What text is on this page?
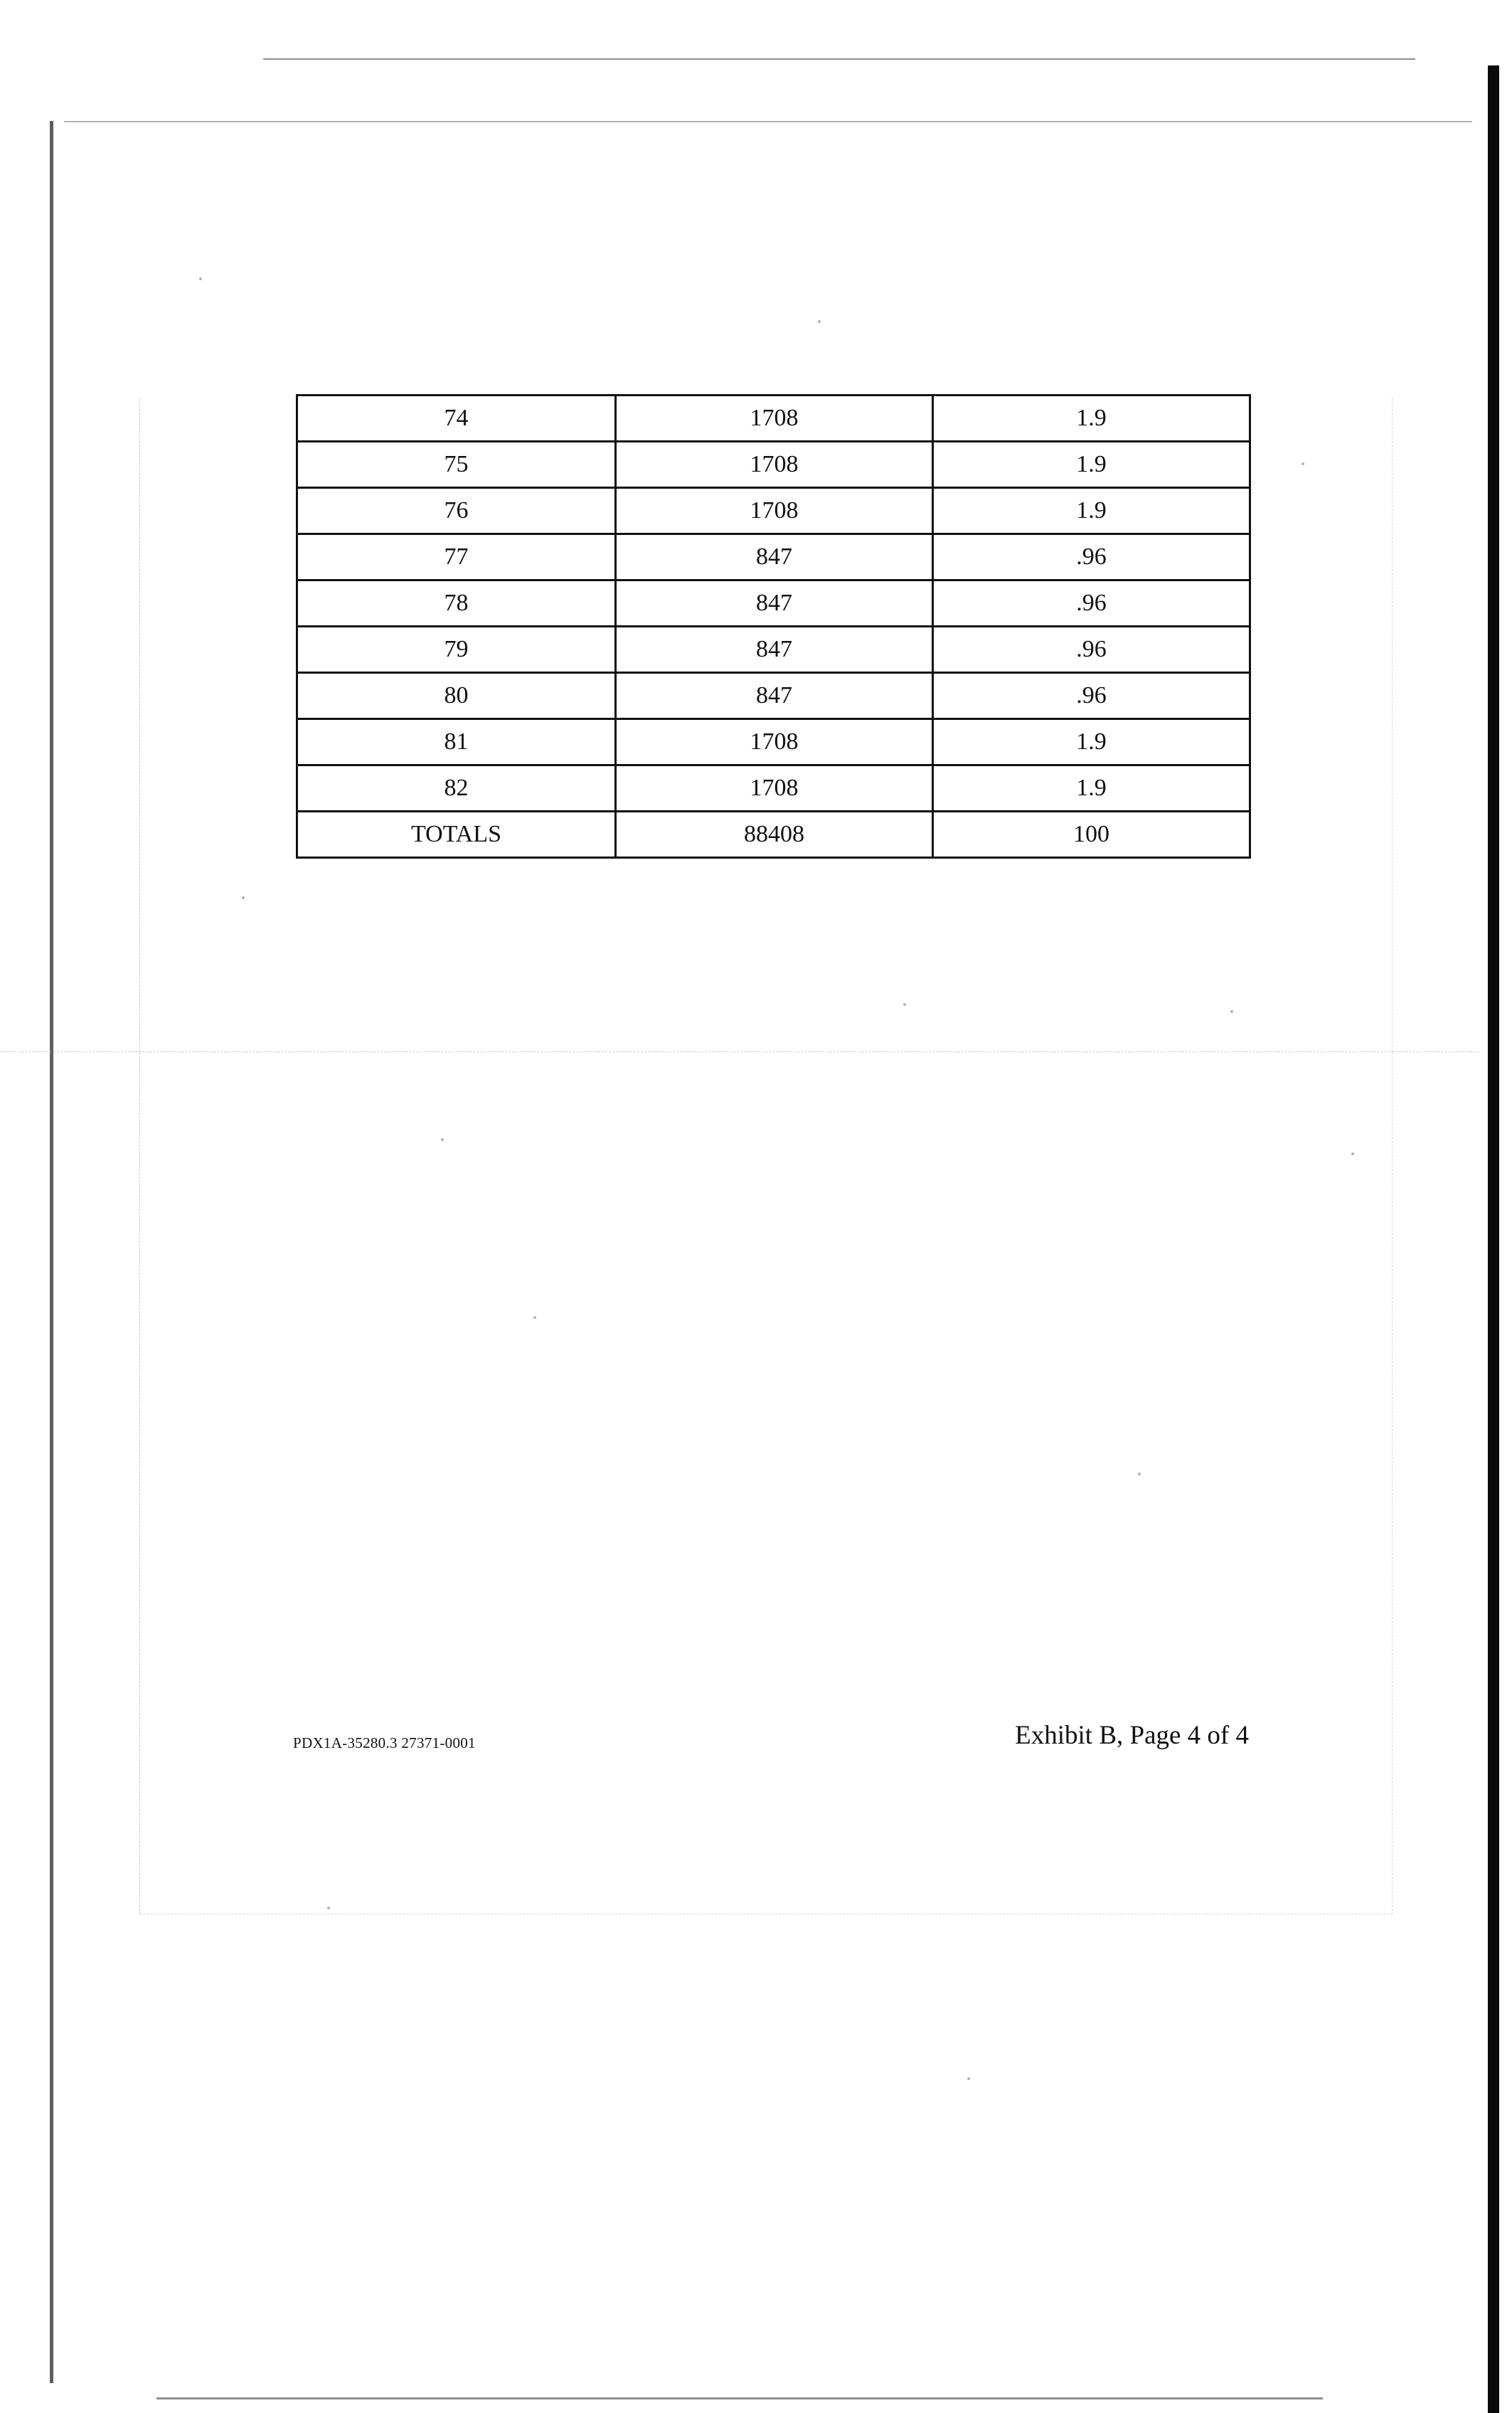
74	1708	1.9
75	1708	1.9
76	1708	1.9
77	847	.96
78	847	.96
79	847	.96
80	847	.96
81	1708	1.9
82	1708	1.9
TOTALS	88408	100
PDX1A-35280.3 27371-0001	Exhibit B, Page 4 of 4
